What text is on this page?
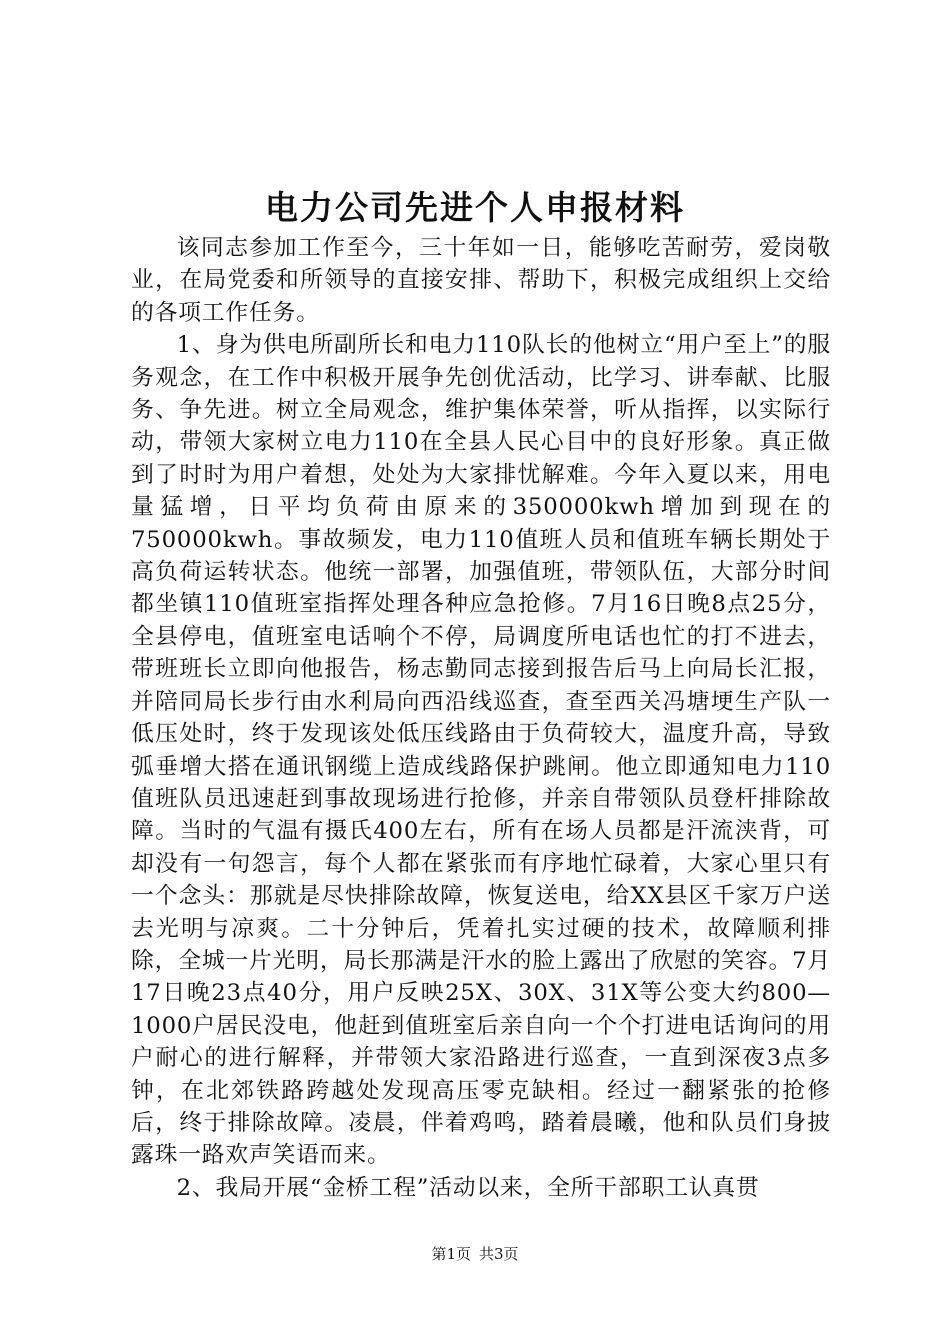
电力公司先进个人申报材料

该同志参加工作至今，三十年如一日，能够吃苦耐劳，爱岗敬业，在局党委和所领导的直接安排、帮助下，积极完成组织上交给的各项工作任务。

1、身为供电所副所长和电力110队长的他树立“用户至上”的服务观念，在工作中积极开展争先创优活动，比学习、讲奉献、比服务、争先进。树立全局观念，维护集体荣誉，听从指挥，以实际行动，带领大家树立电力110在全县人民心目中的良好形象。真正做到了时时为用户着想，处处为大家排忧解难。今年入夏以来，用电量猛增，日平均负荷由原来的350000kwh增加到现在的750000kwh。事故频发，电力110值班人员和值班车辆长期处于高负荷运转状态。他统一部署，加强值班，带领队伍，大部分时间都坐镇110值班室指挥处理各种应急抢修。7月16日晚8点25分，全县停电，值班室电话响个不停，局调度所电话也忙的打不进去，带班班长立即向他报告，杨志勤同志接到报告后马上向局长汇报，并陪同局长步行由水利局向西沿线巡查，查至西关冯塘埂生产队一低压处时，终于发现该处低压线路由于负荷较大，温度升高，导致弧垂增大搭在通讯钢缆上造成线路保护跳闸。他立即通知电力110值班队员迅速赶到事故现场进行抢修，并亲自带领队员登杆排除故障。当时的气温有摄氏400左右，所有在场人员都是汗流浃背，可却没有一句怨言，每个人都在紧张而有序地忙碌着，大家心里只有一个念头：那就是尽快排除故障，恢复送电，给XX县区千家万户送去光明与凉爽。二十分钟后，凭着扎实过硬的技术，故障顺利排除，全城一片光明，局长那满是汗水的脸上露出了欣慰的笑容。7月17日晚23点40分，用户反映25X、30X、31X等公变大约800—1000户居民没电，他赶到值班室后亲自向一个个打进电话询问的用户耐心的进行解释，并带领大家沿路进行巡查，一直到深夜3点多钟，在北郊铁路跨越处发现高压零克缺相。经过一翻紧张的抢修后，终于排除故障。凌晨，伴着鸡鸣，踏着晨曦，他和队员们身披露珠一路欢声笑语而来。

2、我局开展“金桥工程”活动以来，全所干部职工认真贯

第1页 共3页
